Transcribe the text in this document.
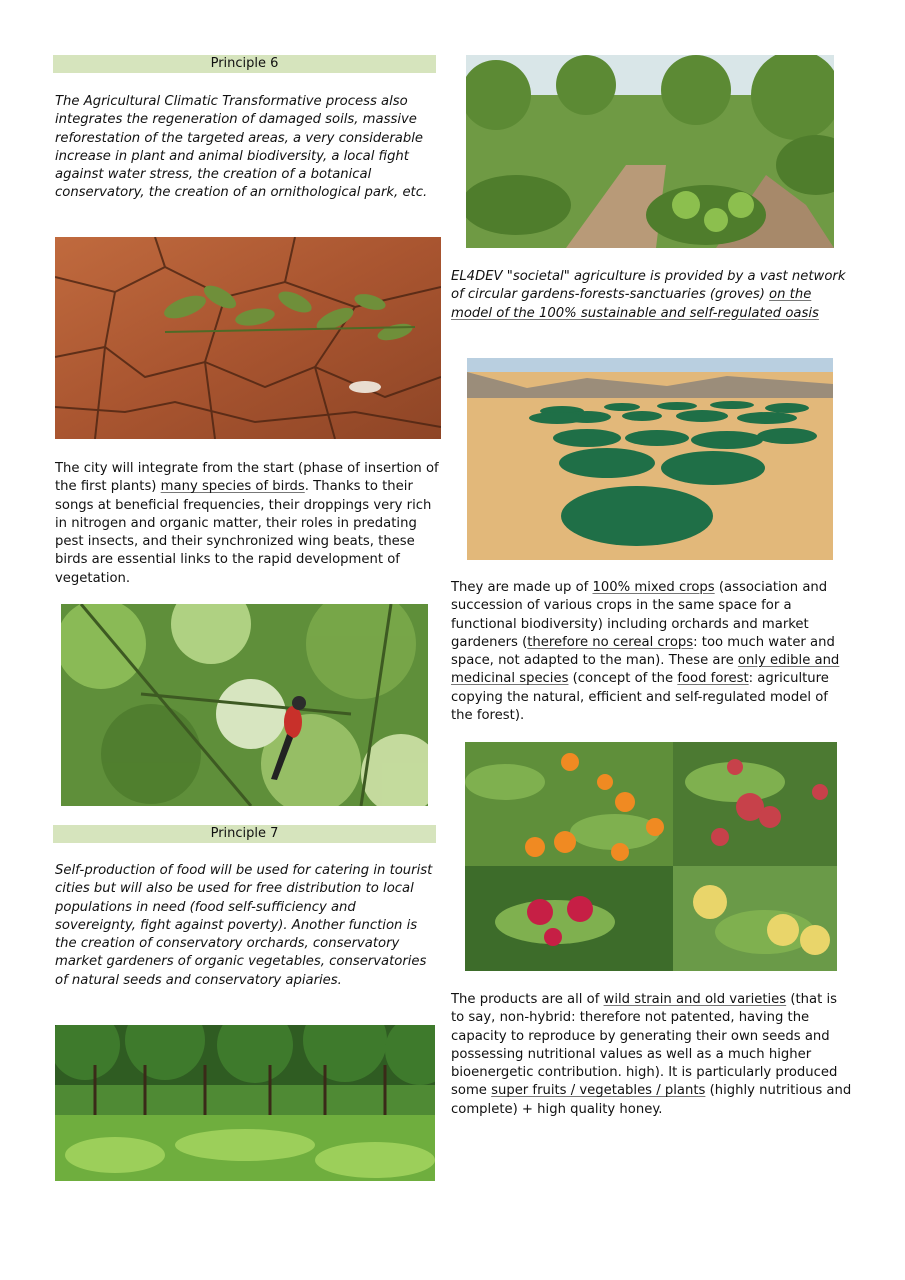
Principle 6
The Agricultural Climatic Transformative process also integrates the regeneration of damaged soils, massive reforestation of the targeted areas, a very considerable increase in plant and animal biodiversity, a local fight against water stress, the creation of a botanical conservatory, the creation of an ornithological park, etc.
The city will integrate from the start (phase of insertion of the first plants) many species of birds. Thanks to their songs at beneficial frequencies, their droppings very rich in nitrogen and organic matter, their roles in predating pest insects, and their synchronized wing beats, these birds are essential links to the rapid development of vegetation.
Principle 7
Self-production of food will be used for catering in tourist cities but will also be used for free distribution to local populations in need (food self-sufficiency and sovereignty, fight against poverty). Another function is the creation of conservatory orchards, conservatory market gardeners of organic vegetables, conservatories of natural seeds and conservatory apiaries.
EL4DEV "societal" agriculture is provided by a vast network of circular gardens-forests-sanctuaries (groves) on the model of the 100% sustainable and self-regulated oasis
They are made up of 100% mixed crops (association and succession of various crops in the same space for a functional biodiversity) including orchards and market gardeners (therefore no cereal crops: too much water and space, not adapted to the man). These are only edible and medicinal species (concept of the food forest: agriculture copying the natural, efficient and self-regulated model of the forest).
The products are all of wild strain and old varieties (that is to say, non-hybrid: therefore not patented, having the capacity to reproduce by generating their own seeds and possessing nutritional values as well as a much higher bioenergetic contribution. high). It is particularly produced some super fruits / vegetables / plants (highly nutritious and complete) + high quality honey.
